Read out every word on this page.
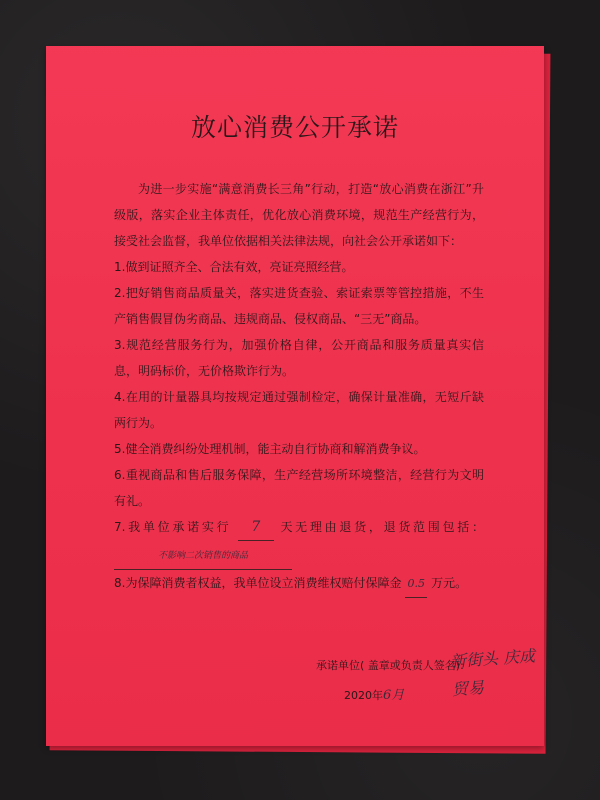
放心消费公开承诺

为进一步实施“满意消费长三角”行动，打造“放心消费在浙江”升级版，落实企业主体责任，优化放心消费环境，规范生产经营行为，接受社会监督，我单位依据相关法律法规，向社会公开承诺如下：

1.做到证照齐全、合法有效，亮证亮照经营。

2.把好销售商品质量关，落实进货查验、索证索票等管控措施，不生产销售假冒伪劣商品、违规商品、侵权商品、“三无”商品。

3.规范经营服务行为，加强价格自律，公开商品和服务质量真实信息，明码标价，无价格欺诈行为。

4.在用的计量器具均按规定通过强制检定，确保计量准确，无短斤缺两行为。

5.健全消费纠纷处理机制，能主动自行协商和解消费争议。

6.重视商品和售后服务保障，生产经营场所环境整洁，经营行为文明有礼。

7.我单位承诺实行 7 天无理由退货，退货范围包括： 不影响二次销售的商品

8.为保障消费者权益，我单位设立消费维权赔付保障金 0.5 万元。

承诺单位( 盖章或负责人签名):
新街头 庆成贸易
2020年6月
